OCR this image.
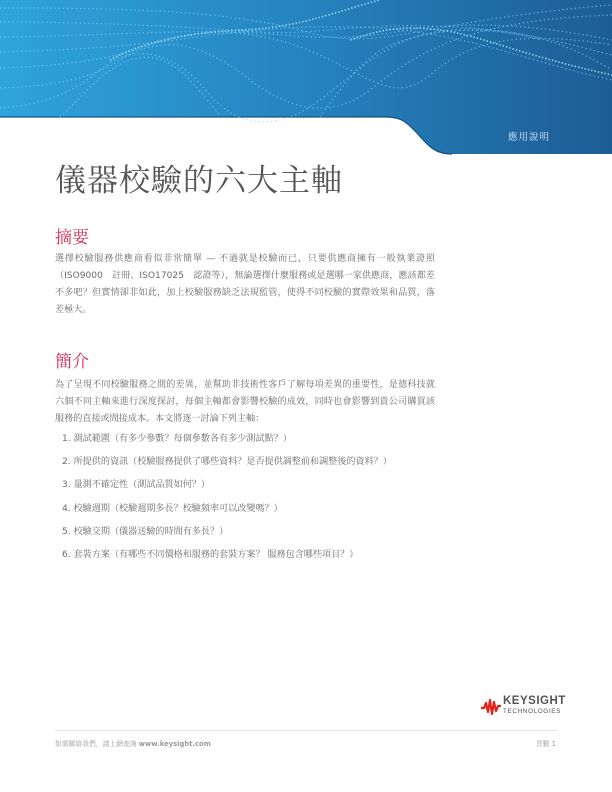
應用說明
儀器校驗的六大主軸
摘要

選擇校驗服務供應商看似非常簡單 — 不過就是校驗而已，只要供應商擁有一般執業證照（ISO9000　註冊、ISO17025　認證等），無論選擇什麼服務或是選哪一家供應商，應該都差不多吧？但實情卻非如此，加上校驗服務缺乏法規監管，使得不同校驗的實際效果和品質，落差極大。

簡介

為了呈現不同校驗服務之間的差異，並幫助非技術性客戶了解每項差異的重要性，是德科技就六個不同主軸來進行深度探討，每個主軸都會影響校驗的成效，同時也會影響到貴公司購買該服務的直接或間接成本。本文將逐一討論下列主軸：

1. 測試範圍（有多少參數？每個參數各有多少測試點？）
2. 所提供的資訊（校驗服務提供了哪些資料？是否提供調整前和調整後的資料？）
3. 量測不確定性（測試品質如何？）
4. 校驗週期（校驗週期多長？校驗頻率可以改變嗎？）
5. 校驗交期（儀器送驗的時間有多長？）
6. 套裝方案（有哪些不同價格和服務的套裝方案？ 服務包含哪些項目？）
KEYSIGHT
TECHNOLOGIES
如需聯絡我們，請上網查詢 www.keysight.com	頁數 1
